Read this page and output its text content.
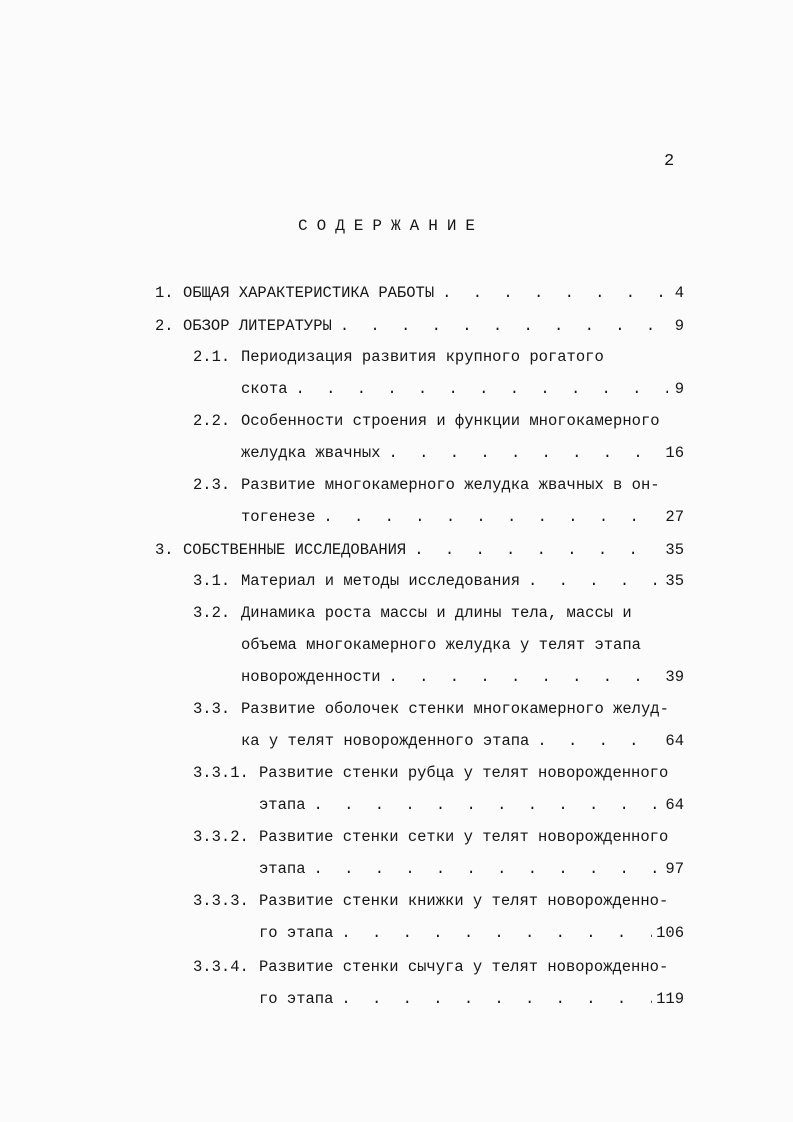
2
СОДЕРЖАНИЕ
1. ОБЩАЯ ХАРАКТЕРИСТИКА РАБОТЫ . . .	4
2. ОБЗОР ЛИТЕРАТУРЫ . . .	9
2.1. Периодизация развития крупного рогатого
скота . . .	9
2.2. Особенности строения и функции многокамерного
желудка жвачных . . .	16
2.3. Развитие многокамерного желудка жвачных в он-
тогенезе . . .	27
3. СОБСТВЕННЫЕ ИССЛЕДОВАНИЯ . . .	35
3.1. Материал и методы исследования . . .	35
3.2. Динамика роста массы и длины тела, массы и
объема многокамерного желудка у телят этапа
новорожденности . . .	39
3.3. Развитие оболочек стенки многокамерного желуд-
ка у телят новорожденного этапа . . .	64
3.3.1. Развитие стенки рубца у телят новорожденного
этапа . . .	64
3.3.2. Развитие стенки сетки у телят новорожденного
этапа . . .	97
3.3.3. Развитие стенки книжки у телят новорожденно-
го этапа . . .	106
3.3.4. Развитие стенки сычуга у телят новорожденно-
го этапа . . .	119
